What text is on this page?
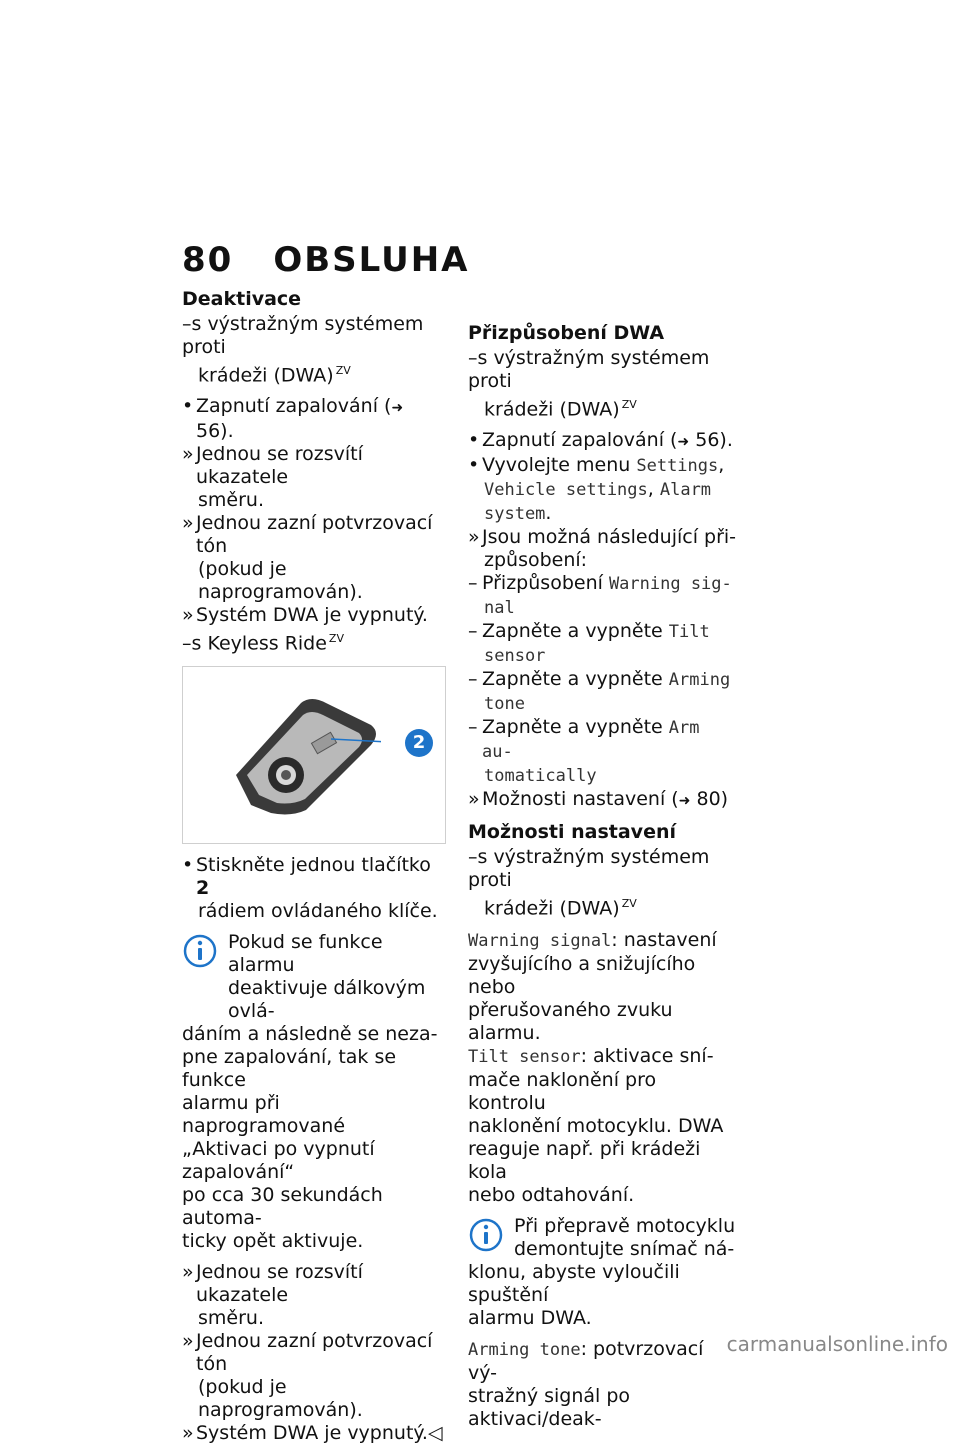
80 OBSLUHA
Deaktivace
–s výstražným systémem proti
krádeži (DWA) $^{ZV}$
• Zapnutí zapalování (➜ 56).
» Jednou se rozsvítí ukazatele
směru.
» Jednou zazní potvrzovací tón
(pokud je naprogramován).
» Systém DWA je vypnutý.
–s Keyless Ride $^{ZV}$
2
• Stiskněte jednou tlačítko 2
rádiem ovládaného klíče.
Pokud se funkce alarmu
deaktivuje dálkovým ovlá-
dáním a následně se neza-
pne zapalování, tak se funkce
alarmu při naprogramované
„Aktivaci po vypnutí zapalování“
po cca 30 sekundách automa-
ticky opět aktivuje.
» Jednou se rozsvítí ukazatele
směru.
» Jednou zazní potvrzovací tón
(pokud je naprogramován).
» Systém DWA je vypnutý.◁
Přizpůsobení DWA
–s výstražným systémem proti
krádeži (DWA) $^{ZV}$
• Zapnutí zapalování (➜ 56).
• Vyvolejte menu Settings,
Vehicle settings, Alarm
system.
» Jsou možná následující při-
způsobení:
– Přizpůsobení Warning sig-
nal
– Zapněte a vypněte Tilt
sensor
– Zapněte a vypněte Arming
tone
– Zapněte a vypněte Arm au-
tomatically
» Možnosti nastavení (➜ 80)
Možnosti nastavení
–s výstražným systémem proti
krádeži (DWA) $^{ZV}$
Warning signal: nastavení
zvyšujícího a snižujícího nebo
přerušovaného zvuku alarmu.
Tilt sensor: aktivace sní-
mače naklonění pro kontrolu
naklonění motocyklu. DWA
reaguje např. při krádeži kola
nebo odtahování.
Při přepravě motocyklu
demontujte snímač ná-
klonu, abyste vyloučili spuštění
alarmu DWA.
Arming tone: potvrzovací vý-
stražný signál po aktivaci/deak-
carmanualsonline.info
